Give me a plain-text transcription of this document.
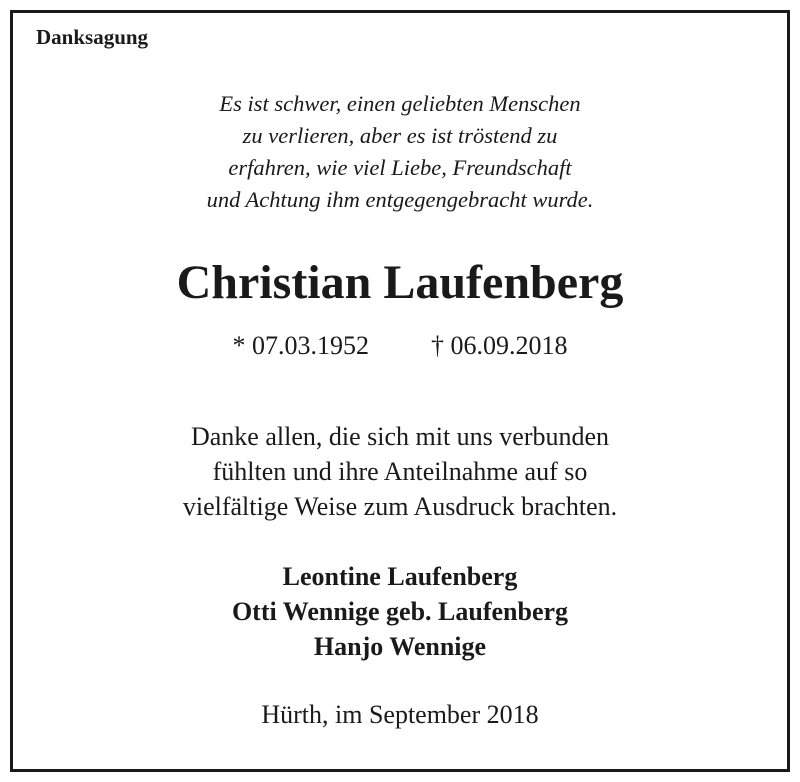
Danksagung
Es ist schwer, einen geliebten Menschen
zu verlieren, aber es ist tröstend zu
erfahren, wie viel Liebe, Freundschaft
und Achtung ihm entgegengebracht wurde.
Christian Laufenberg
* 07.03.1952 † 06.09.2018
Danke allen, die sich mit uns verbunden
fühlten und ihre Anteilnahme auf so
vielfältige Weise zum Ausdruck brachten.
Leontine Laufenberg
Otti Wennige geb. Laufenberg
Hanjo Wennige
Hürth, im September 2018
